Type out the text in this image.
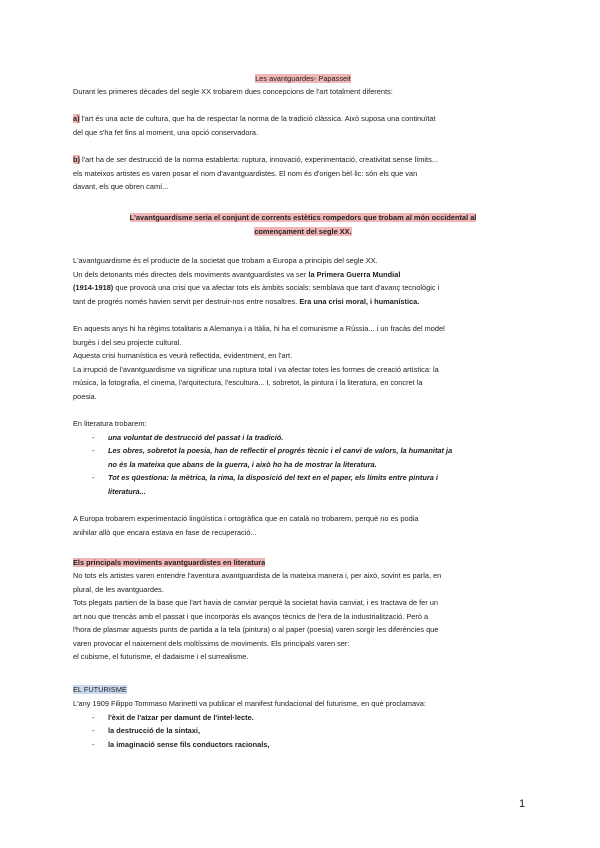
Les avantguardes- Papasseit
Durant les primeres dècades del segle XX trobarem dues concepcions de l'art totalment diferents:
a) l'art és una acte de cultura, que ha de respectar la norma de la tradició clàssica. Això suposa una continuïtat
del que s'ha fet fins al moment, una opció conservadora.
b) l'art ha de ser destrucció de la norma establerta: ruptura, innovació, experimentació, creativitat sense límits...
els mateixos artistes es varen posar el nom d'avantguardistes. El nom és d'origen bèl·lic: són els que van
davant, els que obren camí...
L'avantguardisme seria el conjunt de corrents estètics rompedors que trobam al món occidental al
començament del segle XX.
L'avantguardisme és el producte de la societat que trobam a Europa a principis del segle XX.
Un dels detonants més directes dels moviments avantguardistes va ser la Primera Guerra Mundial
(1914-1918) que provocà una crisi que va afectar tots els àmbits socials: semblava que tant d'avanç tecnològic i
tant de progrés només havien servit per destruir-nos entre nosaltres. Era una crisi moral, i humanística.
En aquests anys hi ha règims totalitaris a Alemanya i a Itàlia, hi ha el comunisme a Rússia... i un fracàs del model
burgès i del seu projecte cultural.
Aquesta crisi humanística es veurà reflectida, evidentment, en l'art.
La irrupció de l'avantguardisme va significar una ruptura total i va afectar totes les formes de creació artística: la
música, la fotografia, el cinema, l'arquitectura, l'escultura... I, sobretot, la pintura i la literatura, en concret la
poesia.
En literatura trobarem:
- una voluntat de destrucció del passat i la tradició.
- Les obres, sobretot la poesia, han de reflectir el progrés tècnic i el canvi de valors, la humanitat ja
no és la mateixa que abans de la guerra, i això ho ha de mostrar la literatura.
- Tot es qüestiona: la mètrica, la rima, la disposició del text en el paper, els límits entre pintura i
literatura...
A Europa trobarem experimentació lingüística i ortogràfica que en català no trobarem, perquè no es podia
anihilar allò que encara estava en fase de recuperació...
Els principals moviments avantguardistes en literatura
No tots els artistes varen entendre l'aventura avantguardista de la mateixa manera i, per això, sovint es parla, en
plural, de les avantguardes.
Tots plegats partien de la base que l'art havia de canviar perquè la societat havia canviat, i es tractava de fer un
art nou que trencàs amb el passat i que incorporàs els avanços tècnics de l'era de la industrialització. Però a
l'hora de plasmar aquests punts de partida a la tela (pintura) o al paper (poesia) varen sorgir les diferències que
varen provocar el naixement dels moltíssims de moviments. Els principals varen ser:
el cubisme, el futurisme, el dadaisme i el surrealisme.
EL FUTURISME
L'any 1909 Filippo Tommaso Marinetti va publicar el manifest fundacional del futurisme, en què proclamava:
- l'èxit de l'atzar per damunt de l'intel·lecte.
- la destrucció de la sintaxi,
- la imaginació sense fils conductors racionals,
1
